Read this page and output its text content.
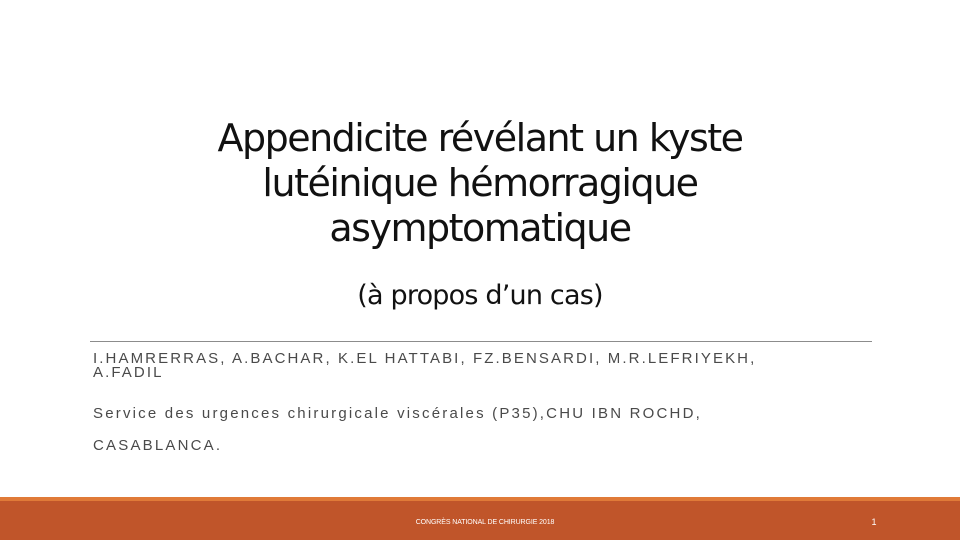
Appendicite révélant un kyste
lutéinique hémorragique
asymptomatique
(à propos d’un cas)
I.HAMRERRAS, A.BACHAR, K.EL HATTABI, FZ.BENSARDI, M.R.LEFRIYEKH,
A.FADIL
Service des urgences chirurgicale viscérales (P35),CHU IBN ROCHD,
CASABLANCA.
CONGRÈS NATIONAL DE CHIRURGIE 2018	1
